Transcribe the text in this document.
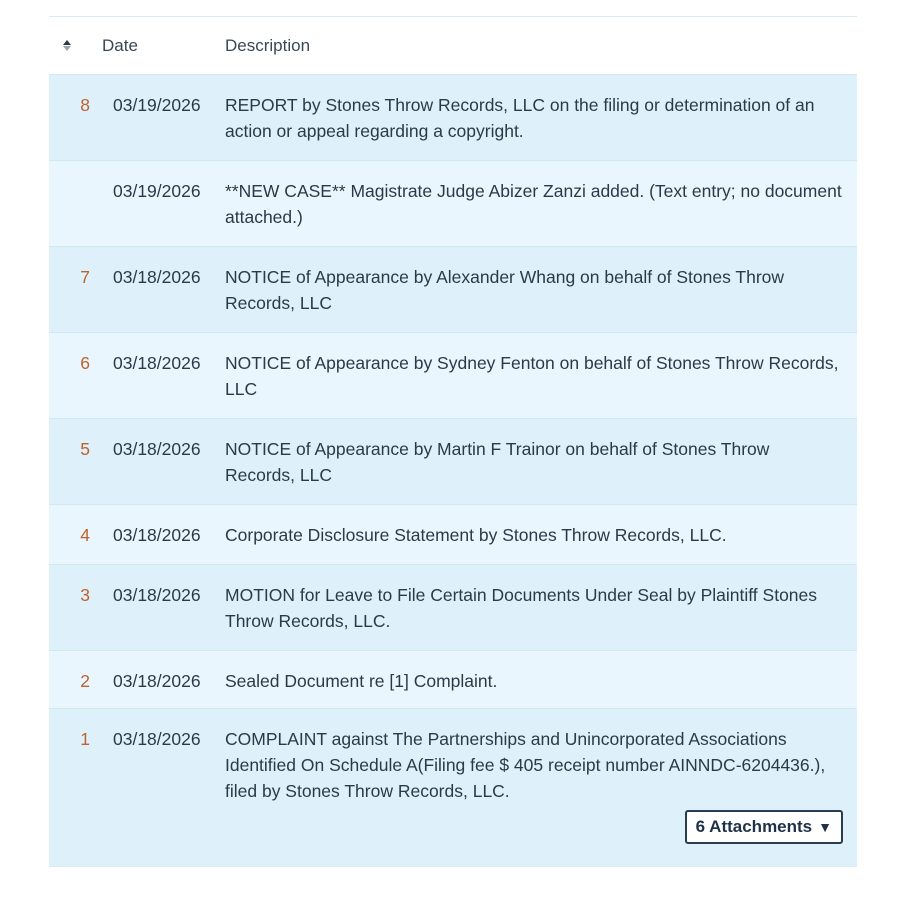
Date	Description
8	03/19/2026	REPORT by Stones Throw Records, LLC on the filing or determination of an action or appeal regarding a copyright.
03/19/2026	**NEW CASE** Magistrate Judge Abizer Zanzi added. (Text entry; no document attached.)
7	03/18/2026	NOTICE of Appearance by Alexander Whang on behalf of Stones Throw Records, LLC
6	03/18/2026	NOTICE of Appearance by Sydney Fenton on behalf of Stones Throw Records, LLC
5	03/18/2026	NOTICE of Appearance by Martin F Trainor on behalf of Stones Throw Records, LLC
4	03/18/2026	Corporate Disclosure Statement by Stones Throw Records, LLC.
3	03/18/2026	MOTION for Leave to File Certain Documents Under Seal by Plaintiff Stones Throw Records, LLC.
2	03/18/2026	Sealed Document re [1] Complaint.
1	03/18/2026	COMPLAINT against The Partnerships and Unincorporated Associations Identified On Schedule A(Filing fee $ 405 receipt number AINNDC-6204436.), filed by Stones Throw Records, LLC.
6 Attachments ▼
